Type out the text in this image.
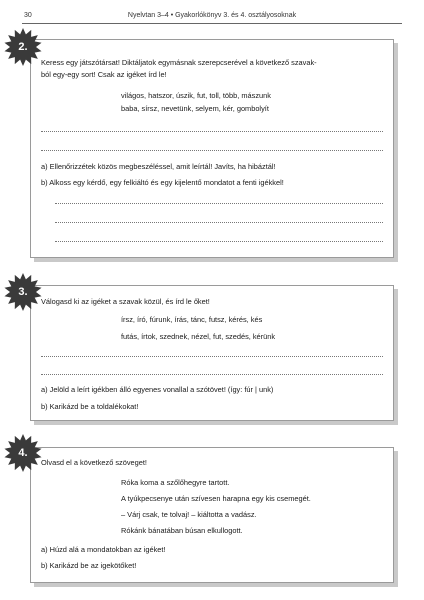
30	Nyelvtan 3–4 • Gyakorlókönyv 3. és 4. osztályosoknak
Keress egy játszótársat! Diktáljatok egymásnak szerepcserével a következő szavak-
ból egy-egy sort! Csak az igéket írd le!
világos, hatszor, úszik, fut, toll, több, mászunk
baba, sírsz, nevetünk, selyem, kér, gombolyít
a) Ellenőrizzétek közös megbeszéléssel, amit leírtál! Javíts, ha hibáztál!
b) Alkoss egy kérdő, egy felkiáltó és egy kijelentő mondatot a fenti igékkel!
Válogasd ki az igéket a szavak közül, és írd le őket!
írsz, író, fúrunk, írás, tánc, futsz, kérés, kés
futás, írtok, szednek, nézel, fut, szedés, kérünk
a) Jelöld a leírt igékben álló egyenes vonallal a szótövet! (így: fúr | unk)
b) Karikázd be a toldalékokat!
Olvasd el a következő szöveget!
Róka koma a szőlőhegyre tartott.
A tyúkpecsenye után szívesen harapna egy kis csemegét.
– Várj csak, te tolvaj! – kiáltotta a vadász.
Rókánk bánatában búsan elkullogott.
a) Húzd alá a mondatokban az igéket!
b) Karikázd be az igekötőket!
2.
3.
4.
